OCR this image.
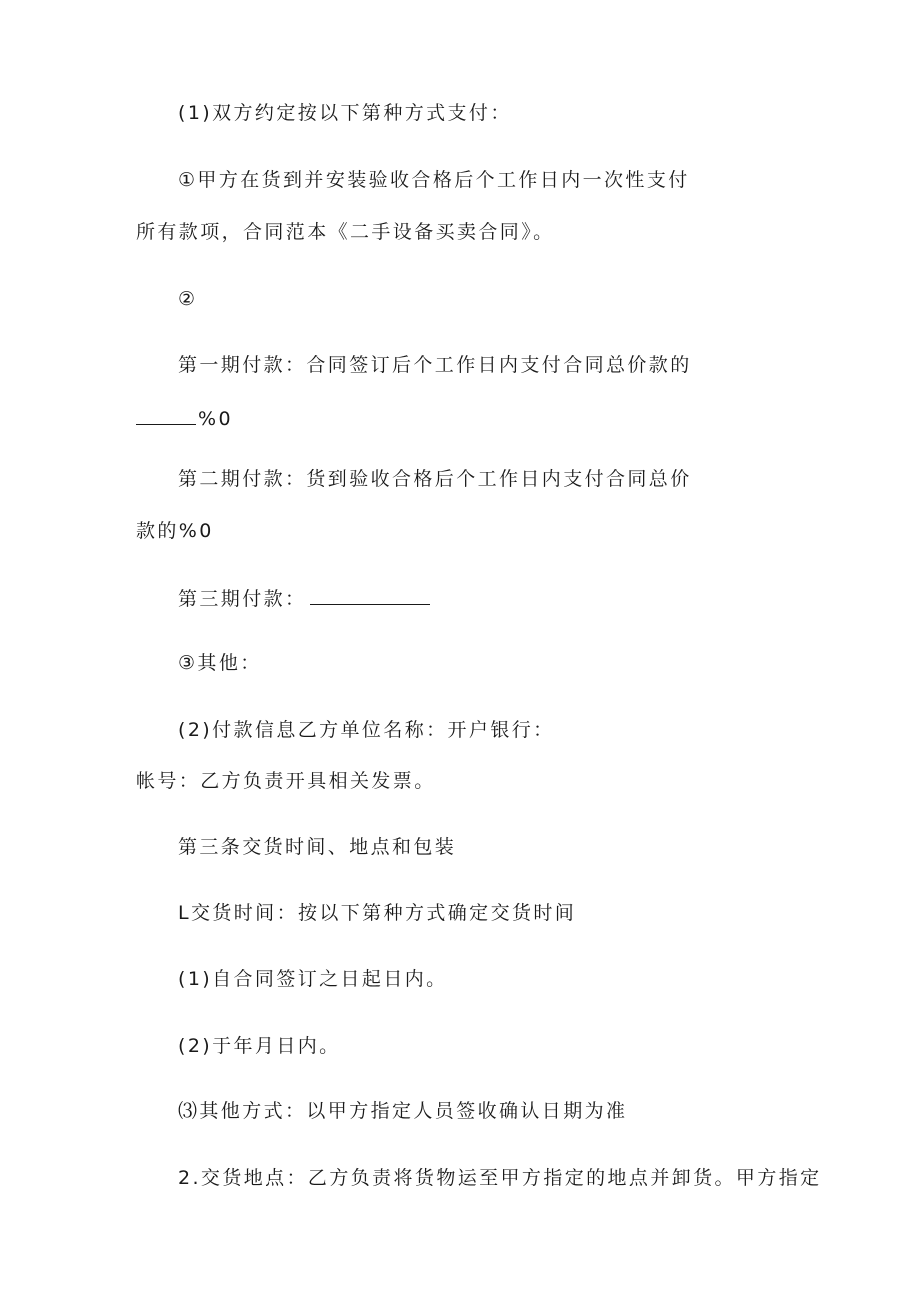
(1)双方约定按以下第种方式支付：
①甲方在货到并安装验收合格后个工作日内一次性支付
所有款项，合同范本《二手设备买卖合同》。
②
第一期付款：合同签订后个工作日内支付合同总价款的
%0
第二期付款：货到验收合格后个工作日内支付合同总价
款的%0
第三期付款：
③其他：
(2)付款信息乙方单位名称：开户银行：
帐号：乙方负责开具相关发票。
第三条交货时间、地点和包装
L交货时间：按以下第种方式确定交货时间
(1)自合同签订之日起日内。
(2)于年月日内。
⑶其他方式：以甲方指定人员签收确认日期为准
2.交货地点：乙方负责将货物运至甲方指定的地点并卸货。甲方指定
